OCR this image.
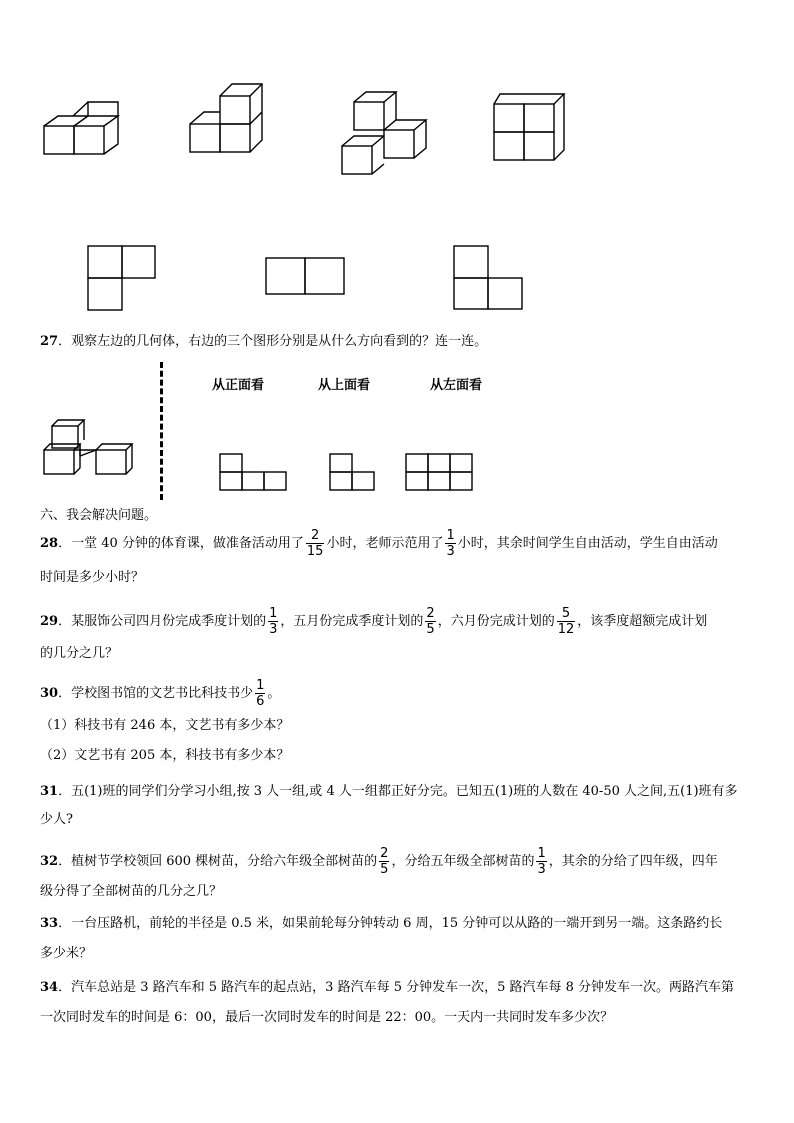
27．观察左边的几何体，右边的三个图形分别是从什么方向看到的？连一连。
从正面看	从上面看	从左面看
六、我会解决问题。
28．一堂 40 分钟的体育课，做准备活动用了 $\frac{2}{15}$ 小时，老师示范用了 $\frac{1}{3}$ 小时，其余时间学生自由活动，学生自由活动
时间是多少小时？
29．某服饰公司四月份完成季度计划的 $\frac{1}{3}$ ，五月份完成季度计划的 $\frac{2}{5}$ ，六月份完成计划的 $\frac{5}{12}$ ，该季度超额完成计划
的几分之几？
30．学校图书馆的文艺书比科技书少 $\frac{1}{6}$ 。
（1）科技书有 246 本，文艺书有多少本？
（2）文艺书有 205 本，科技书有多少本？
31．五(1)班的同学们分学习小组,按 3 人一组,或 4 人一组都正好分完。已知五(1)班的人数在 40-50 人之间,五(1)班有多
少人?
32．植树节学校领回 600 棵树苗，分给六年级全部树苗的 $\frac{2}{5}$ ，分给五年级全部树苗的 $\frac{1}{3}$ ，其余的分给了四年级，四年
级分得了全部树苗的几分之几？
33．一台压路机，前轮的半径是 0.5 米，如果前轮每分钟转动 6 周，15 分钟可以从路的一端开到另一端。这条路约长
多少米？
34．汽车总站是 3 路汽车和 5 路汽车的起点站，3 路汽车每 5 分钟发车一次，5 路汽车每 8 分钟发车一次。两路汽车第
一次同时发车的时间是 6：00，最后一次同时发车的时间是 22：00。一天内一共同时发车多少次？
